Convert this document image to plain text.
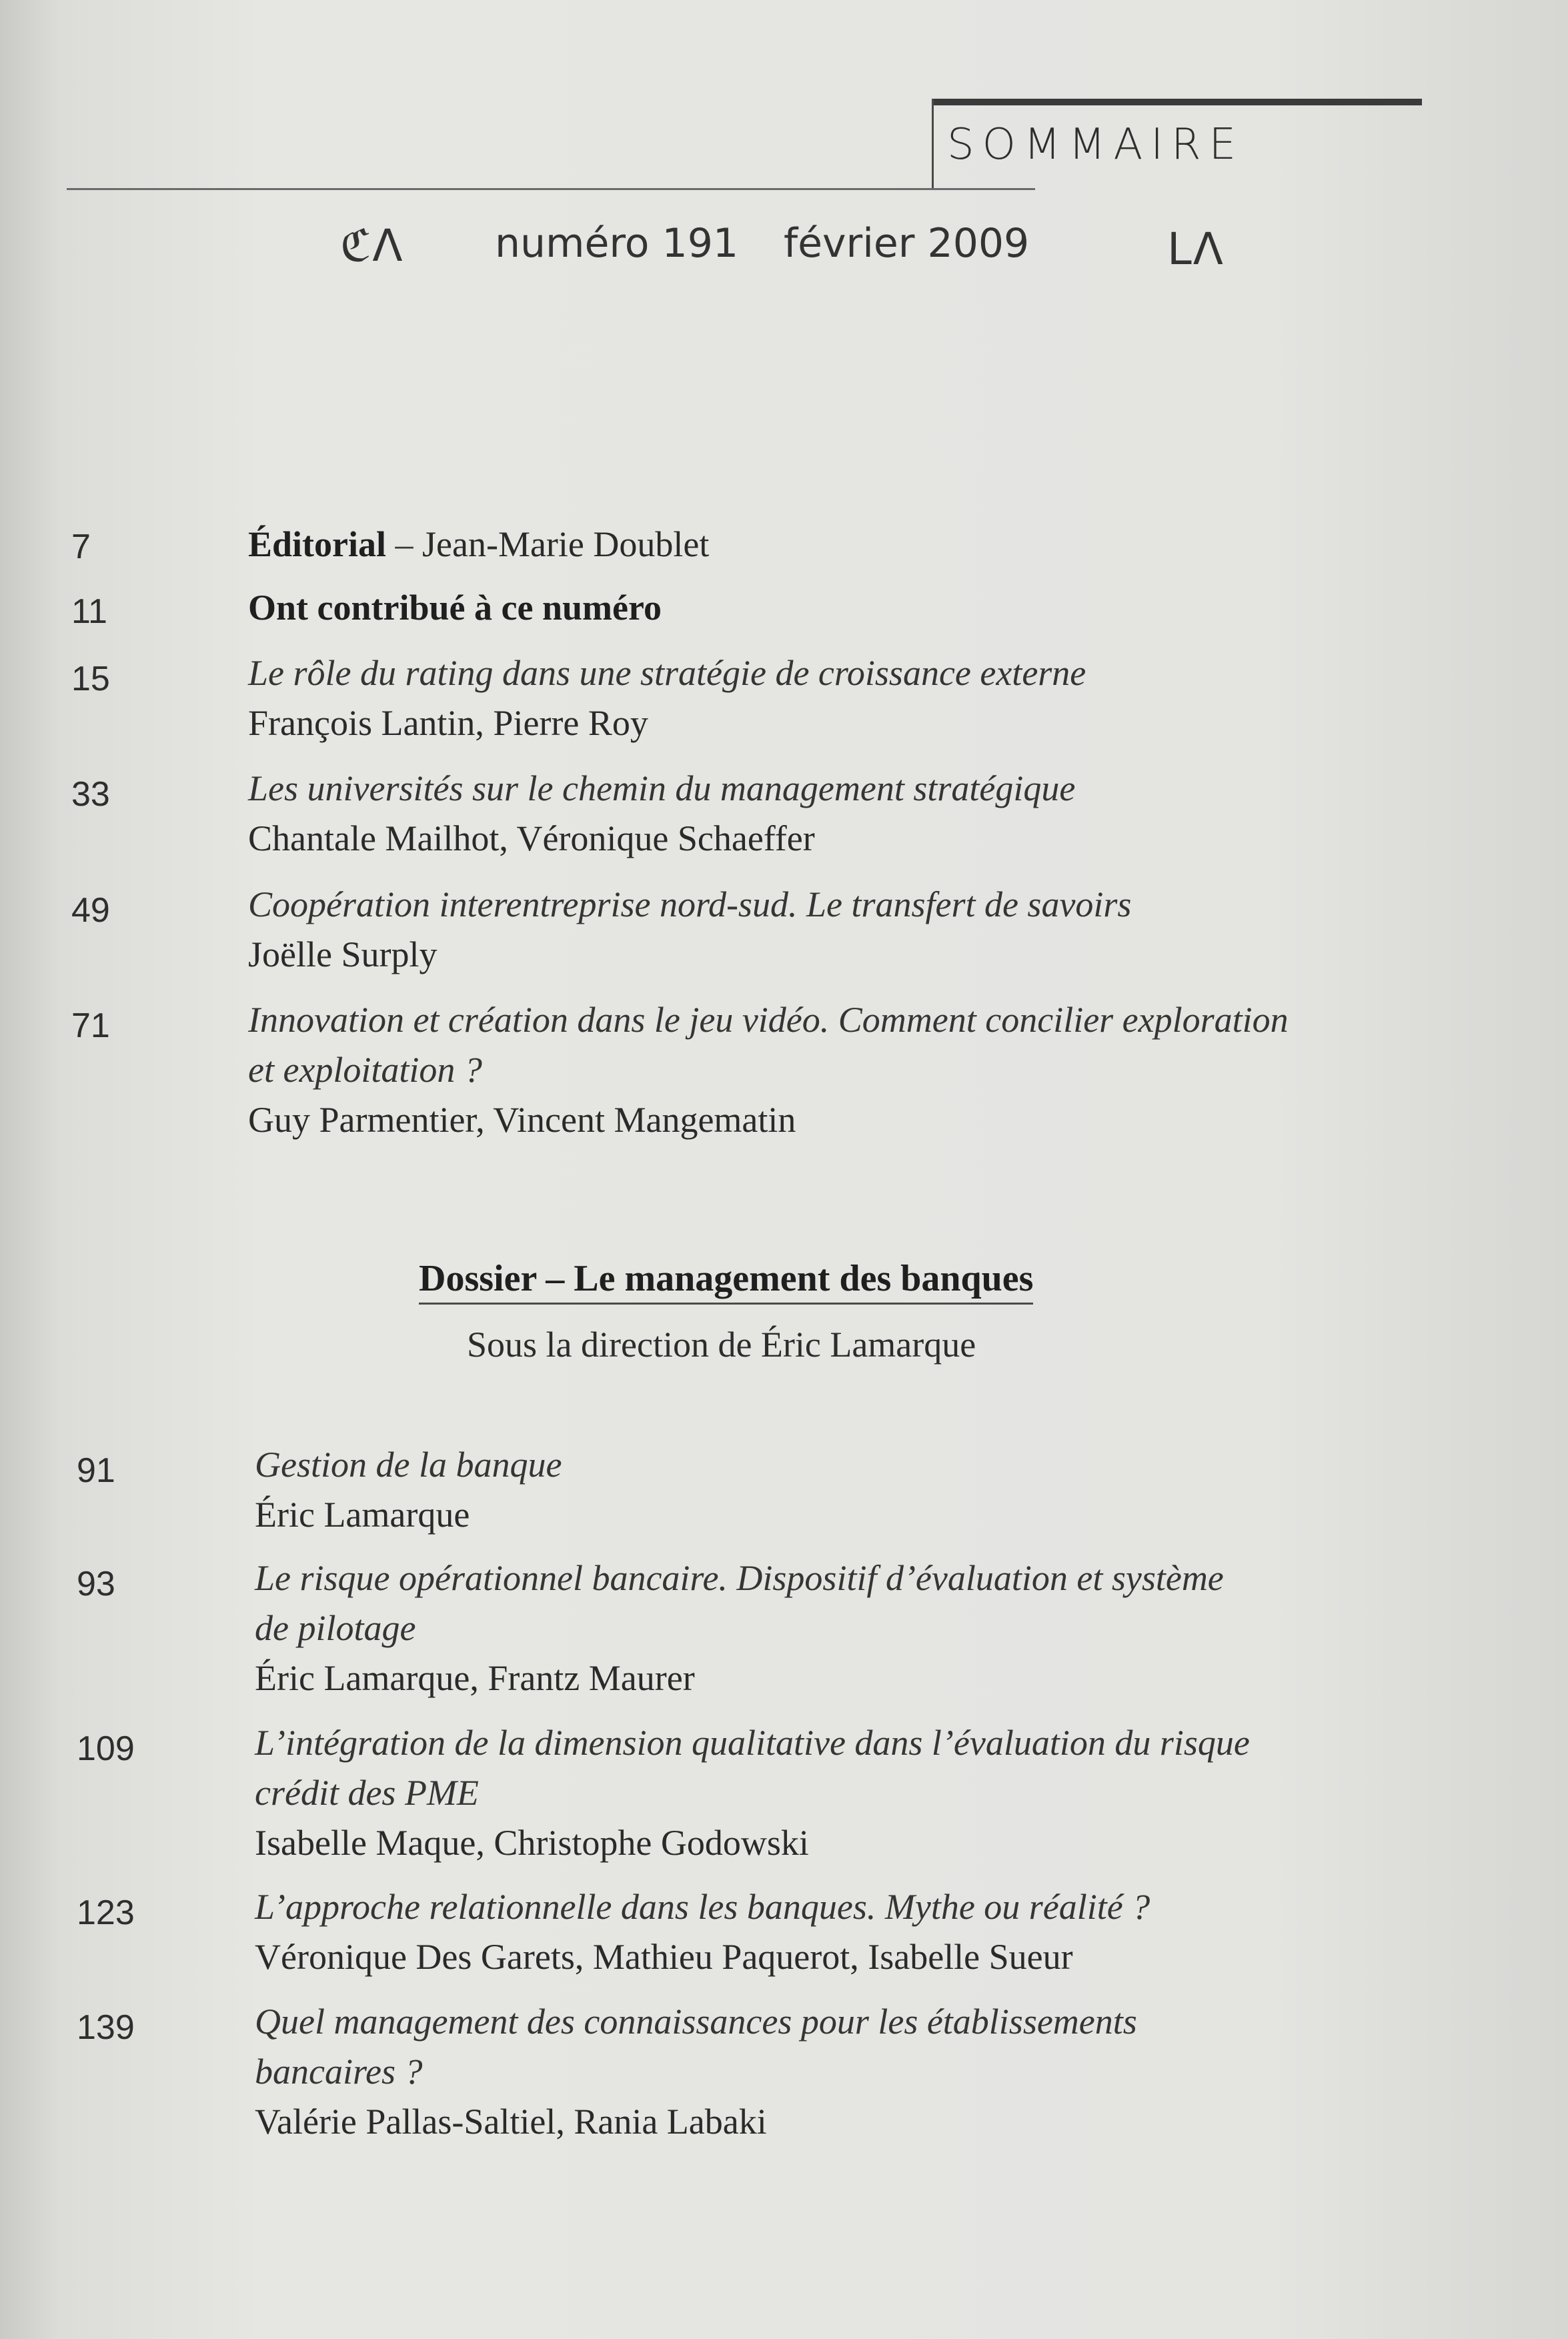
SOMMAIRE
ℭΛ numéro 191 février 2009	LΛ
7	Éditorial – Jean-Marie Doublet
11	Ont contribué à ce numéro
15	Le rôle du rating dans une stratégie de croissance externe
François Lantin, Pierre Roy
33	Les universités sur le chemin du management stratégique
Chantale Mailhot, Véronique Schaeffer
49	Coopération interentreprise nord-sud. Le transfert de savoirs
Joëlle Surply
71	Innovation et création dans le jeu vidéo. Comment concilier exploration
et exploitation ?
Guy Parmentier, Vincent Mangematin
Dossier – Le management des banques
Sous la direction de Éric Lamarque
91	Gestion de la banque
Éric Lamarque
93	Le risque opérationnel bancaire. Dispositif d’évaluation et système
de pilotage
Éric Lamarque, Frantz Maurer
109	L’intégration de la dimension qualitative dans l’évaluation du risque
crédit des PME
Isabelle Maque, Christophe Godowski
123	L’approche relationnelle dans les banques. Mythe ou réalité ?
Véronique Des Garets, Mathieu Paquerot, Isabelle Sueur
139	Quel management des connaissances pour les établissements
bancaires ?
Valérie Pallas-Saltiel, Rania Labaki
